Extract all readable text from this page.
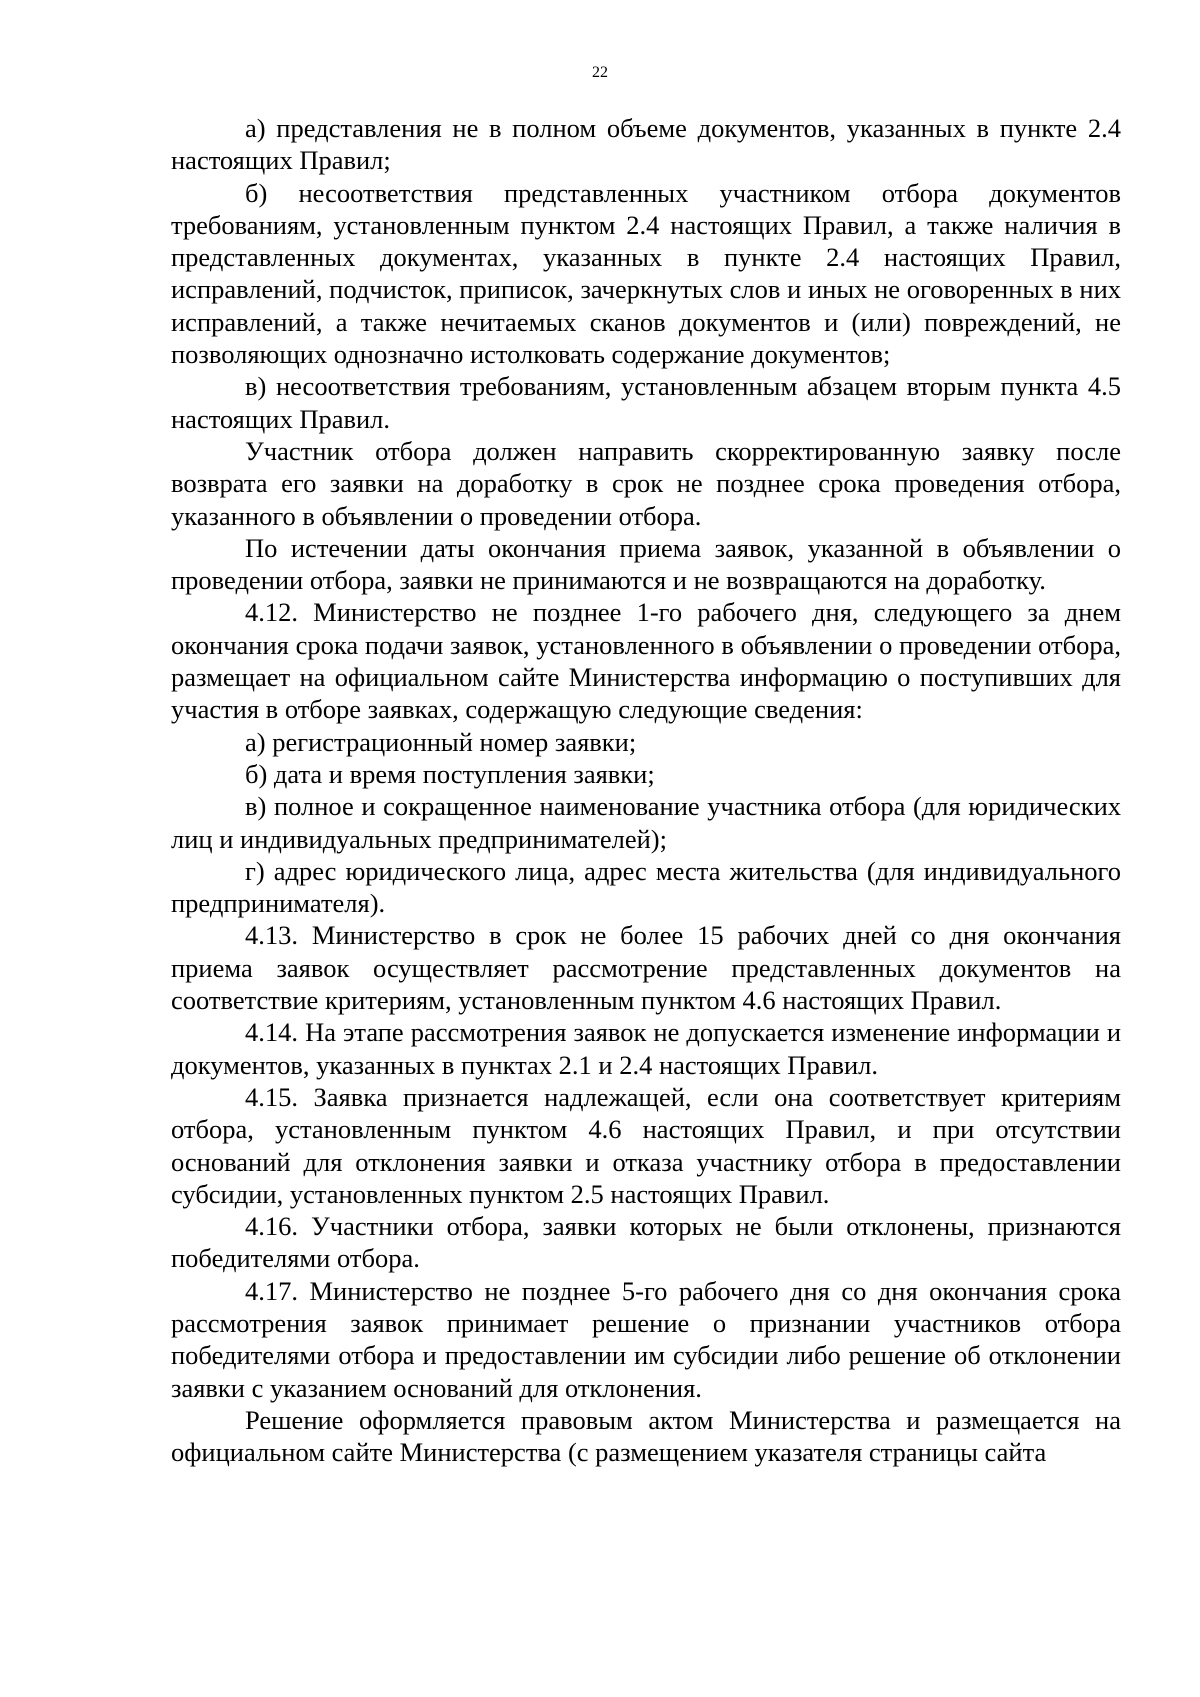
22

а) представления не в полном объеме документов, указанных в пункте 2.4 настоящих Правил;

б) несоответствия представленных участником отбора документов требованиям, установленным пунктом 2.4 настоящих Правил, а также наличия в представленных документах, указанных в пункте 2.4 настоящих Правил, исправлений, подчисток, приписок, зачеркнутых слов и иных не оговоренных в них исправлений, а также нечитаемых сканов документов и (или) повреждений, не позволяющих однозначно истолковать содержание документов;

в) несоответствия требованиям, установленным абзацем вторым пункта 4.5 настоящих Правил.

Участник отбора должен направить скорректированную заявку после возврата его заявки на доработку в срок не позднее срока проведения отбора, указанного в объявлении о проведении отбора.

По истечении даты окончания приема заявок, указанной в объявлении о проведении отбора, заявки не принимаются и не возвращаются на доработку.

4.12. Министерство не позднее 1-го рабочего дня, следующего за днем окончания срока подачи заявок, установленного в объявлении о проведении отбора, размещает на официальном сайте Министерства информацию о поступивших для участия в отборе заявках, содержащую следующие сведения:

а) регистрационный номер заявки;

б) дата и время поступления заявки;

в) полное и сокращенное наименование участника отбора (для юридических лиц и индивидуальных предпринимателей);

г) адрес юридического лица, адрес места жительства (для индивидуального предпринимателя).

4.13. Министерство в срок не более 15 рабочих дней со дня окончания приема заявок осуществляет рассмотрение представленных документов на соответствие критериям, установленным пунктом 4.6 настоящих Правил.

4.14. На этапе рассмотрения заявок не допускается изменение информации и документов, указанных в пунктах 2.1 и 2.4 настоящих Правил.

4.15. Заявка признается надлежащей, если она соответствует критериям отбора, установленным пунктом 4.6 настоящих Правил, и при отсутствии оснований для отклонения заявки и отказа участнику отбора в предоставлении субсидии, установленных пунктом 2.5 настоящих Правил.

4.16. Участники отбора, заявки которых не были отклонены, признаются победителями отбора.

4.17. Министерство не позднее 5-го рабочего дня со дня окончания срока рассмотрения заявок принимает решение о признании участников отбора победителями отбора и предоставлении им субсидии либо решение об отклонении заявки с указанием оснований для отклонения.

Решение оформляется правовым актом Министерства и размещается на официальном сайте Министерства (с размещением указателя страницы сайта
